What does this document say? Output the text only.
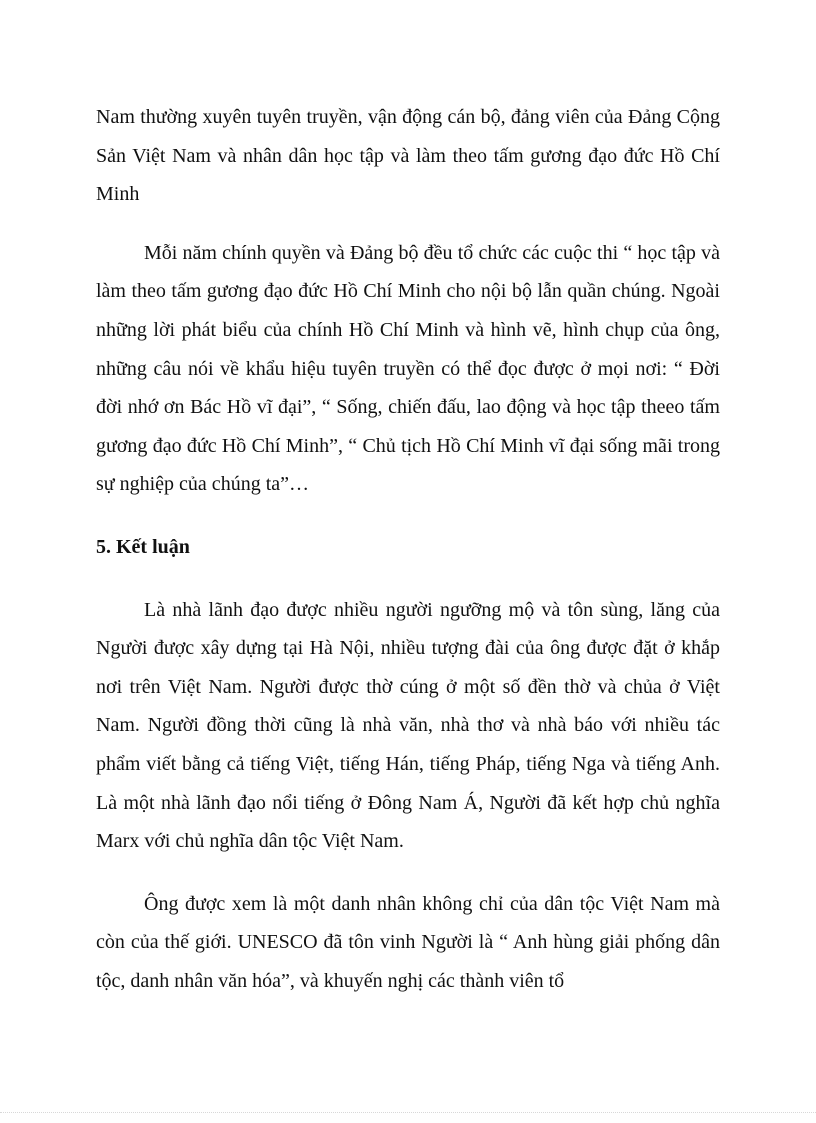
Nam thường xuyên tuyên truyền, vận động cán bộ, đảng viên của Đảng Cộng Sản Việt Nam và nhân dân học tập và làm theo tấm gương đạo đức Hồ Chí Minh

Mỗi năm chính quyền và Đảng bộ đều tổ chức các cuộc thi “ học tập và làm theo tấm gương đạo đức Hồ Chí Minh cho nội bộ lẫn quần chúng. Ngoài những lời phát biểu của chính Hồ Chí Minh và hình vẽ, hình chụp của ông, những câu nói về khẩu hiệu tuyên truyền có thể đọc được ở mọi nơi: “ Đời đời nhớ ơn Bác Hồ vĩ đại”, “ Sống, chiến đấu, lao động và học tập theeo tấm gương đạo đức Hồ Chí Minh”, “ Chủ tịch Hồ Chí Minh vĩ đại sống mãi trong sự nghiệp của chúng ta”…

5. Kết luận

Là nhà lãnh đạo được nhiều người ngưỡng mộ và tôn sùng, lăng của Người được xây dựng tại Hà Nội, nhiều tượng đài của ông được đặt ở khắp nơi trên Việt Nam. Người được thờ cúng ở một số đền thờ và chủa ở Việt Nam. Người đồng thời cũng là nhà văn, nhà thơ và nhà báo với nhiều tác phẩm viết bằng cả tiếng Việt, tiếng Hán, tiếng Pháp, tiếng Nga và tiếng Anh. Là một nhà lãnh đạo nổi tiếng ở Đông Nam Á, Người đã kết hợp chủ nghĩa Marx với chủ nghĩa dân tộc Việt Nam.

Ông được xem là một danh nhân không chỉ của dân tộc Việt Nam mà còn của thế giới. UNESCO đã tôn vinh Người là “ Anh hùng giải phống dân tộc, danh nhân văn hóa”, và khuyến nghị các thành viên tổ
